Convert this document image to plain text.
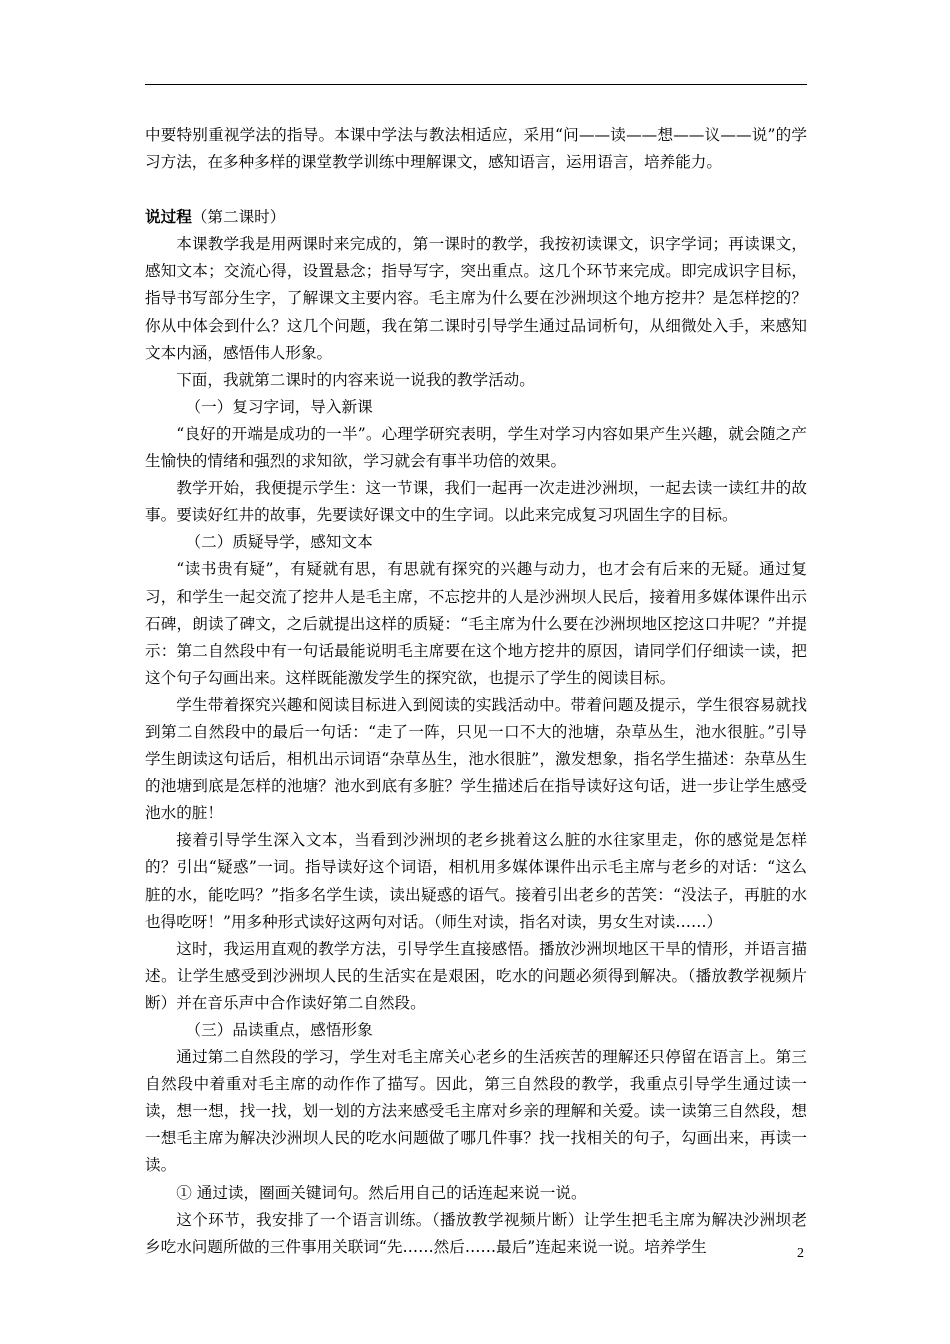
中要特别重视学法的指导。本课中学法与教法相适应，采用“问——读——想——议——说”的学习方法，在多种多样的课堂教学训练中理解课文，感知语言，运用语言，培养能力。

说过程（第二课时）

本课教学我是用两课时来完成的，第一课时的教学，我按初读课文，识字学词；再读课文，感知文本；交流心得，设置悬念；指导写字，突出重点。这几个环节来完成。即完成识字目标，指导书写部分生字，了解课文主要内容。毛主席为什么要在沙洲坝这个地方挖井？是怎样挖的？你从中体会到什么？这几个问题，我在第二课时引导学生通过品词析句，从细微处入手，来感知文本内涵，感悟伟人形象。

下面，我就第二课时的内容来说一说我的教学活动。

（一）复习字词，导入新课

“良好的开端是成功的一半”。心理学研究表明，学生对学习内容如果产生兴趣，就会随之产生愉快的情绪和强烈的求知欲，学习就会有事半功倍的效果。

教学开始，我便提示学生：这一节课，我们一起再一次走进沙洲坝，一起去读一读红井的故事。要读好红井的故事，先要读好课文中的生字词。以此来完成复习巩固生字的目标。

（二）质疑导学，感知文本

“读书贵有疑”，有疑就有思，有思就有探究的兴趣与动力，也才会有后来的无疑。通过复习，和学生一起交流了挖井人是毛主席，不忘挖井的人是沙洲坝人民后，接着用多媒体课件出示石碑，朗读了碑文，之后就提出这样的质疑：“毛主席为什么要在沙洲坝地区挖这口井呢？”并提示：第二自然段中有一句话最能说明毛主席要在这个地方挖井的原因，请同学们仔细读一读，把这个句子勾画出来。这样既能激发学生的探究欲，也提示了学生的阅读目标。

学生带着探究兴趣和阅读目标进入到阅读的实践活动中。带着问题及提示，学生很容易就找到第二自然段中的最后一句话：“走了一阵，只见一口不大的池塘，杂草丛生，池水很脏。”引导学生朗读这句话后，相机出示词语“杂草丛生，池水很脏”，激发想象，指名学生描述：杂草丛生的池塘到底是怎样的池塘？池水到底有多脏？学生描述后在指导读好这句话，进一步让学生感受池水的脏！

接着引导学生深入文本，当看到沙洲坝的老乡挑着这么脏的水往家里走，你的感觉是怎样的？引出“疑惑”一词。指导读好这个词语，相机用多媒体课件出示毛主席与老乡的对话：“这么脏的水，能吃吗？”指多名学生读，读出疑惑的语气。接着引出老乡的苦笑：“没法子，再脏的水也得吃呀！”用多种形式读好这两句对话。（师生对读，指名对读，男女生对读……）

这时，我运用直观的教学方法，引导学生直接感悟。播放沙洲坝地区干旱的情形，并语言描述。让学生感受到沙洲坝人民的生活实在是艰困，吃水的问题必须得到解决。（播放教学视频片断）并在音乐声中合作读好第二自然段。

（三）品读重点，感悟形象

通过第二自然段的学习，学生对毛主席关心老乡的生活疾苦的理解还只停留在语言上。第三自然段中着重对毛主席的动作作了描写。因此，第三自然段的教学，我重点引导学生通过读一读，想一想，找一找，划一划的方法来感受毛主席对乡亲的理解和关爱。读一读第三自然段，想一想毛主席为解决沙洲坝人民的吃水问题做了哪几件事？找一找相关的句子，勾画出来，再读一读。

① 通过读，圈画关键词句。然后用自己的话连起来说一说。

这个环节，我安排了一个语言训练。（播放教学视频片断）让学生把毛主席为解决沙洲坝老乡吃水问题所做的三件事用关联词“先……然后……最后”连起来说一说。培养学生	2
